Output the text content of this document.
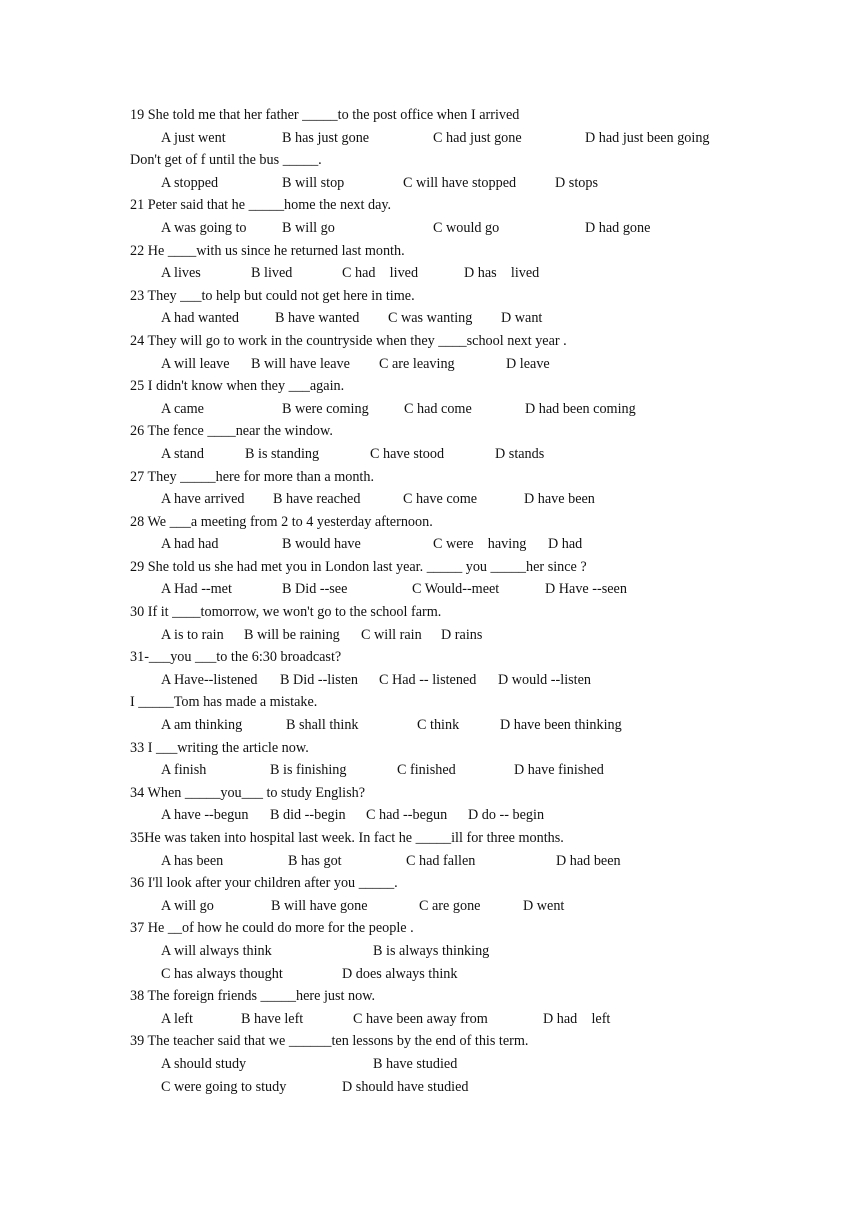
19 She told me that her father _____to the post office when I arrived

A just went

	B has just gone

	C had just gone

	D had just been going

Don't get of f until the bus _____.

A stopped

	B will stop

	C will have stopped

	D stops

21 Peter said that he _____home the next day.

A was going to

B will go

	C would go

	D had gone

22 He ____with us since he returned last month.

A lives

	B lived

	C had    lived

	D has    lived

23 They ___to help but could not get here in time.

A had wanted

	B have wanted

C was wanting

D want

24 They will go to work in the countryside when they ____school next year .

A will leave

B will have leave

C are leaving

	D leave

25 I didn't know when they ___again.

A came

	B were coming

C had come

	D had been coming

26 The fence ____near the window.

A stand

	B is standing

	C have stood

	D stands

27 They _____here for more than a month.

A have arrived

B have reached

	C have come

	D have been

28 We ___a meeting from 2 to 4 yesterday afternoon.

A had had

	B would have

	C were    having

D had

29 She told us she had met you in London last year. _____ you _____her since ?

A Had --met

	B Did --see

	C Would--meet

	D Have --seen

30 If it ____tomorrow, we won't go to the school farm.

A is to rain

B will be raining

C will rain

D rains

31-___you ___to the 6:30 broadcast?

A Have--listened

B Did --listen

C Had -- listened

D would --listen

I _____Tom has made a mistake.

A am thinking

	B shall think

	C think

	D have been thinking

33 I ___writing the article now.

A finish

	B is finishing

	C finished

	D have finished

34 When _____you___ to study English?

A have --begun

B did --begin

C had --begun

D do -- begin

35He was taken into hospital last week. In fact he _____ill for three months.

A has been

	B has got

	C had fallen

	D had been

36 I'll look after your children after you _____.

A will go

	B will have gone

	C are gone

	D went

37 He __of how he could do more for the people .

A will always think

	B is always thinking

C has always thought

	D does always think

38 The foreign friends _____here just now.

A left

	B have left

	C have been away from

	D had    left

39 The teacher said that we ______ten lessons by the end of this term.

A should study

	B have studied

C were going to study

	D should have studied
